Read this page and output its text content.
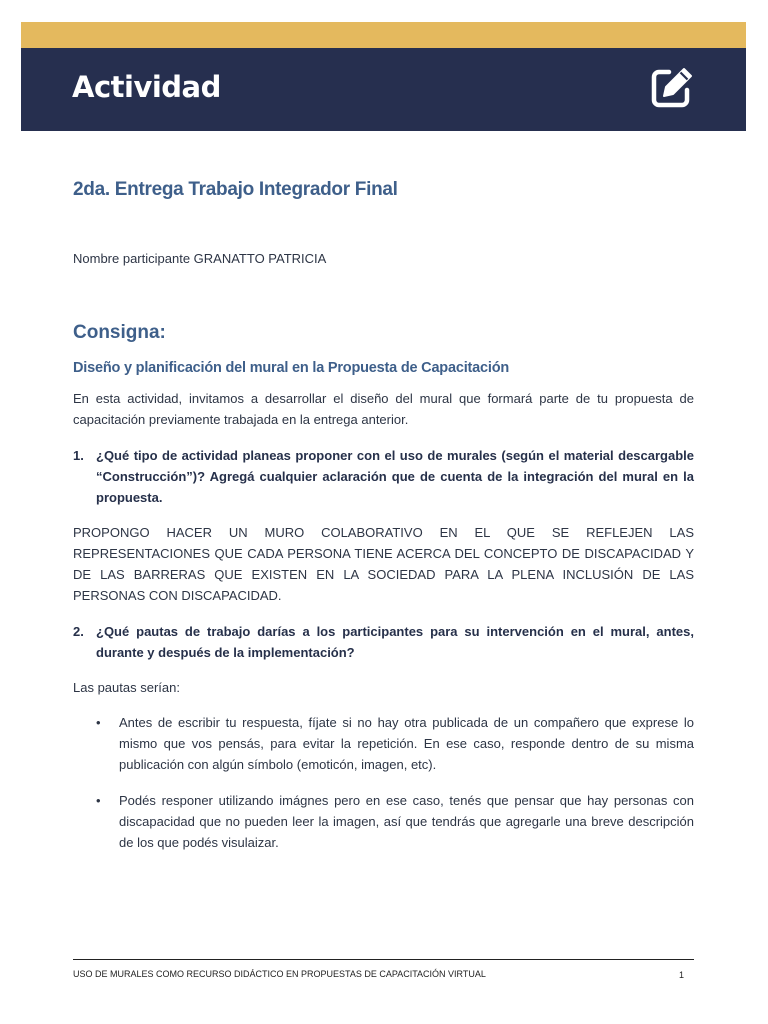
Actividad
2da. Entrega Trabajo Integrador Final
Nombre participante GRANATTO PATRICIA
Consigna:
Diseño y planificación del mural en la Propuesta de Capacitación

En esta actividad, invitamos a desarrollar el diseño del mural que formará parte de tu propuesta de capacitación previamente trabajada en la entrega anterior.

1. ¿Qué tipo de actividad planeas proponer con el uso de murales (según el material descargable “Construcción”)? Agregá cualquier aclaración que de cuenta de la integración del mural en la propuesta.

PROPONGO HACER UN MURO COLABORATIVO EN EL QUE SE REFLEJEN LAS REPRESENTACIONES QUE CADA PERSONA TIENE ACERCA DEL CONCEPTO DE DISCAPACIDAD Y DE LAS BARRERAS QUE EXISTEN EN LA SOCIEDAD PARA LA PLENA INCLUSIÓN DE LAS PERSONAS CON DISCAPACIDAD.

2. ¿Qué pautas de trabajo darías a los participantes para su intervención en el mural, antes, durante y después de la implementación?

Las pautas serían:

• Antes de escribir tu respuesta, fíjate si no hay otra publicada de un compañero que exprese lo mismo que vos pensás, para evitar la repetición. En ese caso, responde dentro de su misma publicación con algún símbolo (emoticón, imagen, etc).
• Podés responer utilizando imágnes pero en ese caso, tenés que pensar que hay personas con discapacidad que no pueden leer la imagen, así que tendrás que agregarle una breve descripción de los que podés visulaizar.
USO DE MURALES COMO RECURSO DIDÁCTICO EN PROPUESTAS DE CAPACITACIÓN VIRTUAL	1
